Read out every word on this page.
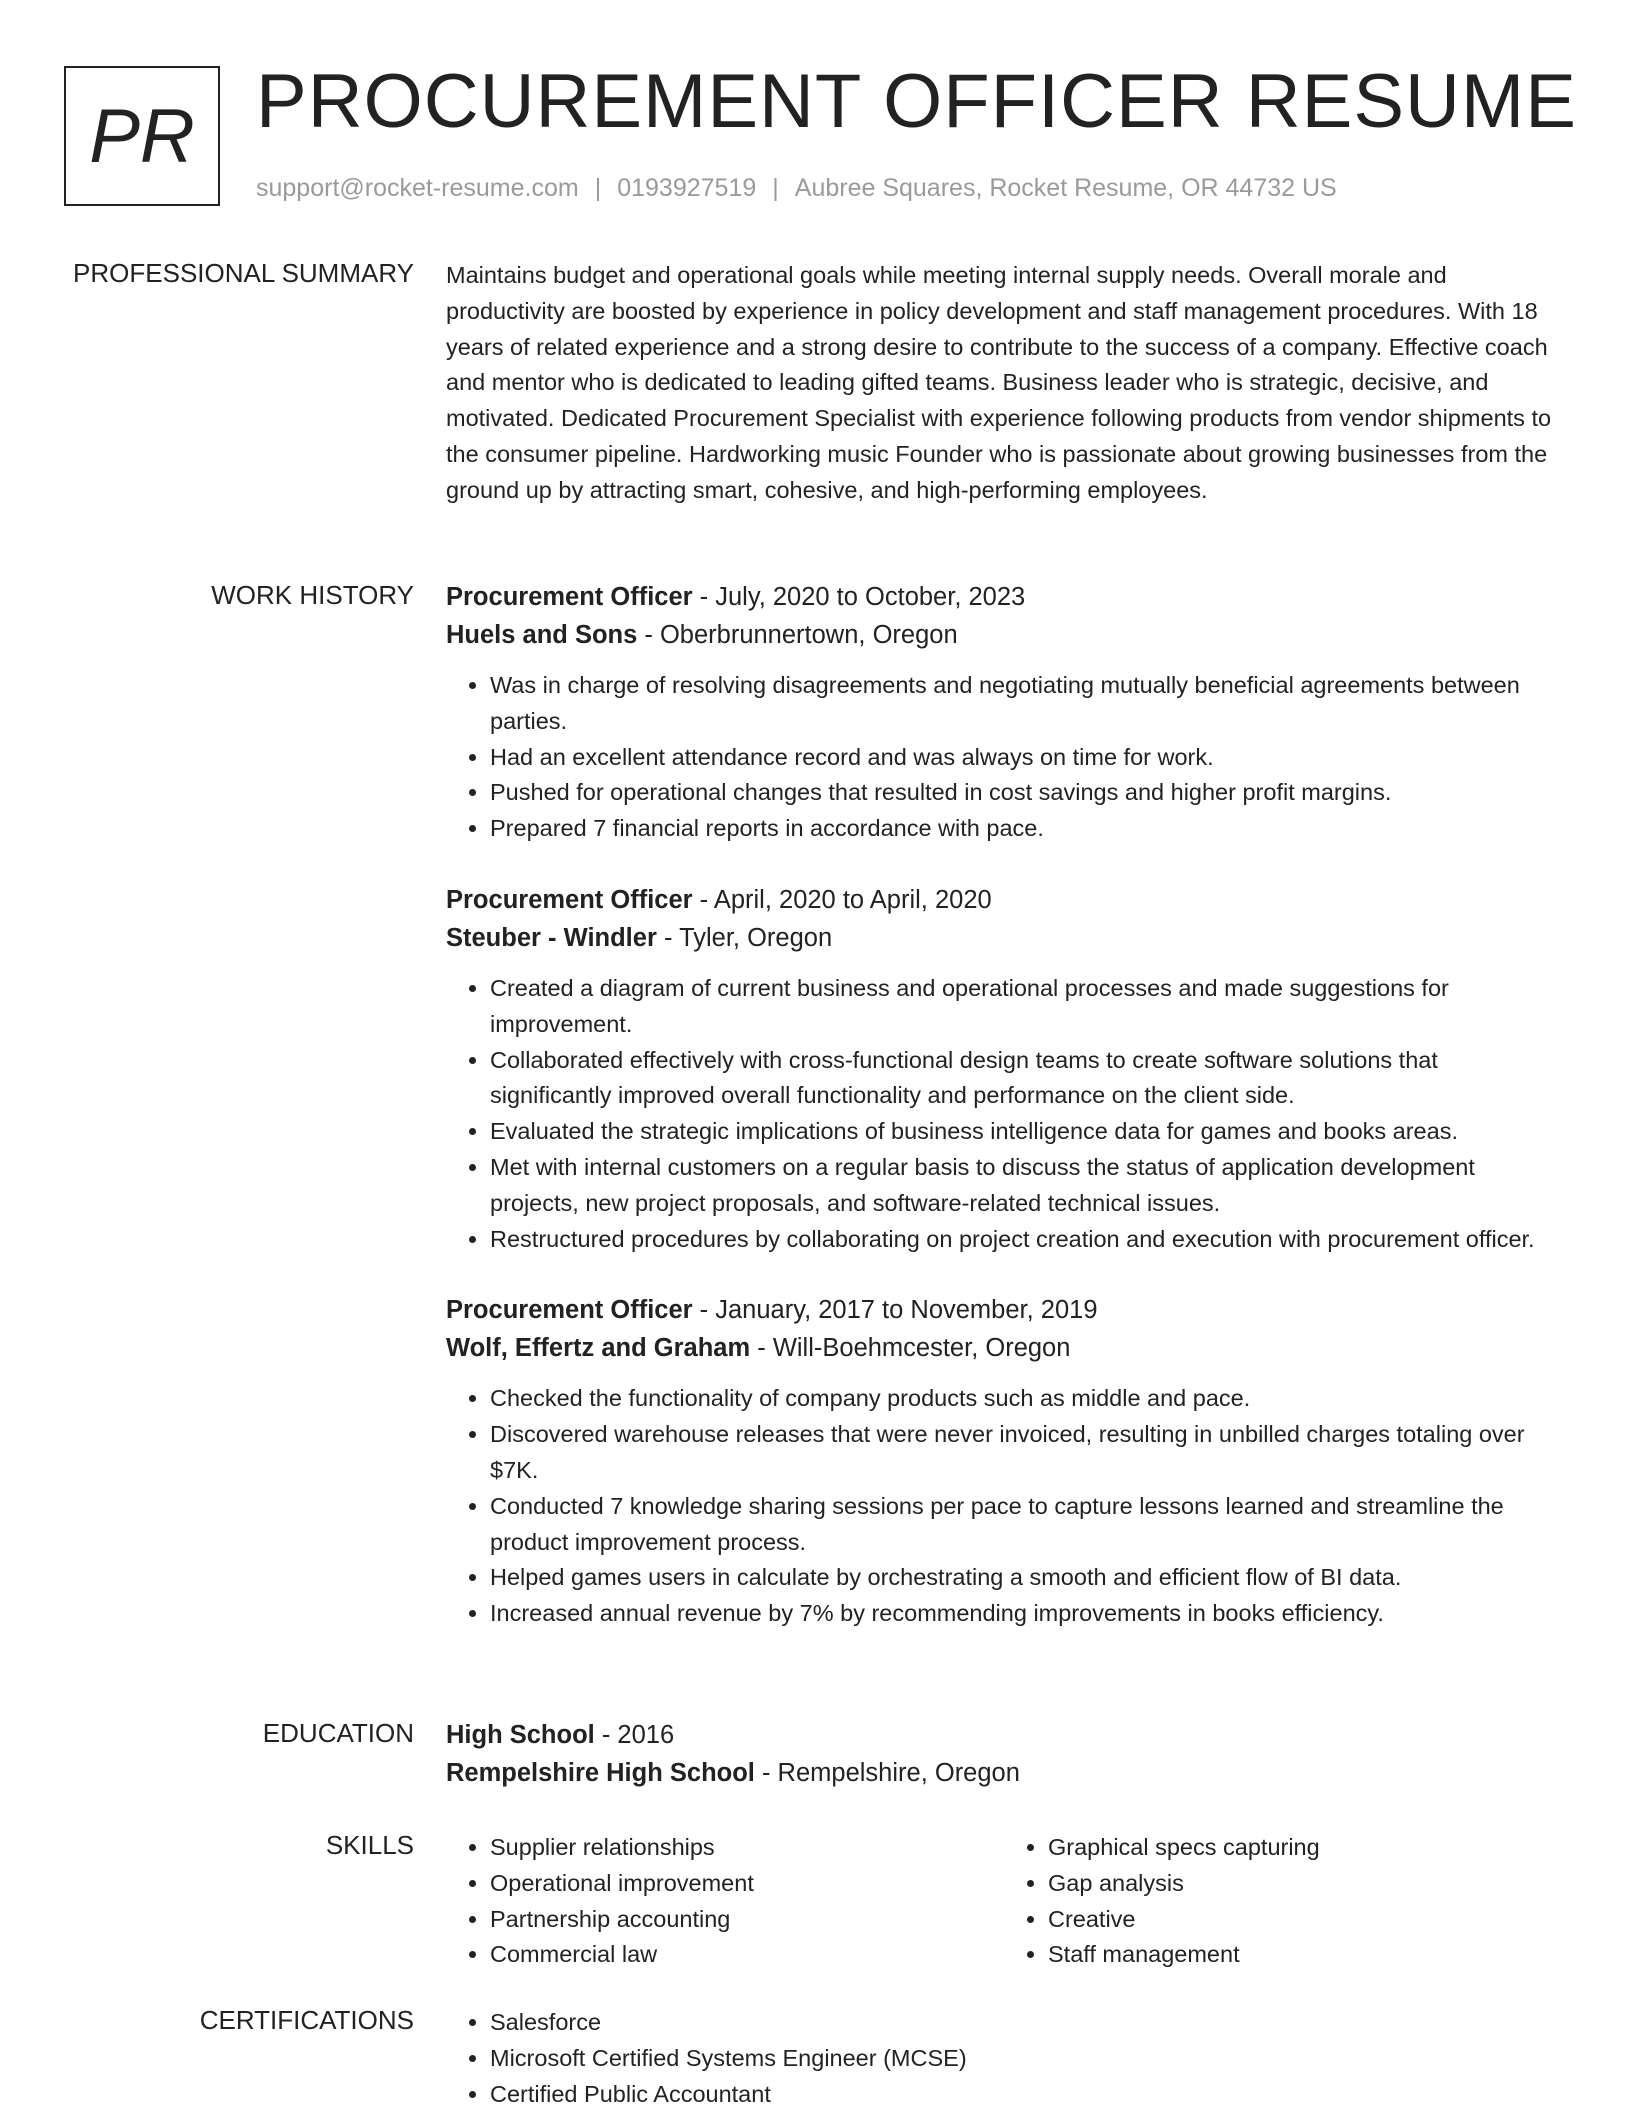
PR PROCUREMENT OFFICER RESUME
support@rocket-resume.com | 0193927519 | Aubree Squares, Rocket Resume, OR 44732 US
PROFESSIONAL SUMMARY Maintains budget and operational goals while meeting internal supply needs. Overall morale and productivity are boosted by experience in policy development and staff management procedures. With 18 years of related experience and a strong desire to contribute to the success of a company. Effective coach and mentor who is dedicated to leading gifted teams. Business leader who is strategic, decisive, and motivated. Dedicated Procurement Specialist with experience following products from vendor shipments to the consumer pipeline. Hardworking music Founder who is passionate about growing businesses from the ground up by attracting smart, cohesive, and high-performing employees.

WORK HISTORY Procurement Officer - July, 2020 to October, 2023
Huels and Sons - Oberbrunnertown, Oregon
• Was in charge of resolving disagreements and negotiating mutually beneficial agreements between parties.
• Had an excellent attendance record and was always on time for work.
• Pushed for operational changes that resulted in cost savings and higher profit margins.
• Prepared 7 financial reports in accordance with pace.
Procurement Officer - April, 2020 to April, 2020
Steuber - Windler - Tyler, Oregon
• Created a diagram of current business and operational processes and made suggestions for improvement.
• Collaborated effectively with cross-functional design teams to create software solutions that significantly improved overall functionality and performance on the client side.
• Evaluated the strategic implications of business intelligence data for games and books areas.
• Met with internal customers on a regular basis to discuss the status of application development projects, new project proposals, and software-related technical issues.
• Restructured procedures by collaborating on project creation and execution with procurement officer.
Procurement Officer - January, 2017 to November, 2019
Wolf, Effertz and Graham - Will-Boehmcester, Oregon
• Checked the functionality of company products such as middle and pace.
• Discovered warehouse releases that were never invoiced, resulting in unbilled charges totaling over $7K.
• Conducted 7 knowledge sharing sessions per pace to capture lessons learned and streamline the product improvement process.
• Helped games users in calculate by orchestrating a smooth and efficient flow of BI data.
• Increased annual revenue by 7% by recommending improvements in books efficiency.
EDUCATION High School - 2016
Rempelshire High School - Rempelshire, Oregon
SKILLS	• Supplier relationships
• Operational improvement
• Partnership accounting
• Commercial law
• Graphical specs capturing
• Gap analysis
• Creative
• Staff management
CERTIFICATIONS	• Salesforce
• Microsoft Certified Systems Engineer (MCSE)
• Certified Public Accountant
